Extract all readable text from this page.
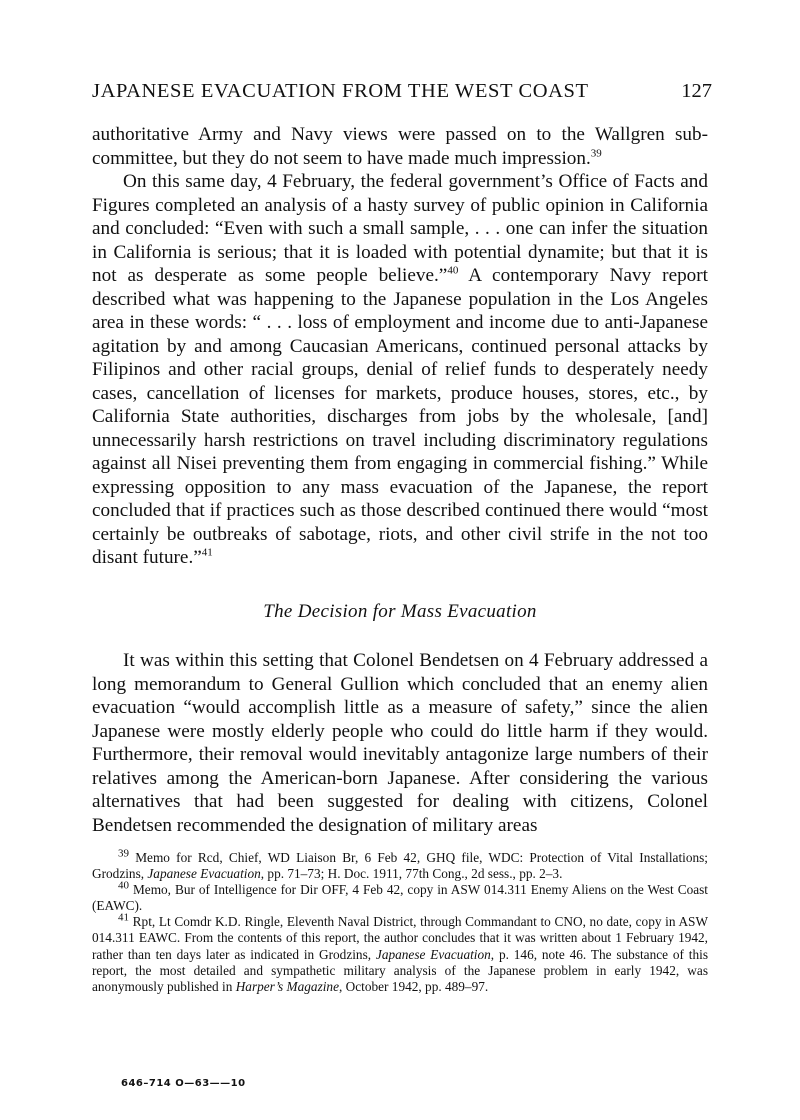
JAPANESE EVACUATION FROM THE WEST COAST	127

authoritative Army and Navy views were passed on to the Wallgren sub-committee, but they do not seem to have made much impression.$^{39}$

On this same day, 4 February, the federal government’s Office of Facts and Figures completed an analysis of a hasty survey of public opinion in California and concluded: “Even with such a small sample, . . . one can infer the situation in California is serious; that it is loaded with potential dynamite; but that it is not as desperate as some people believe.”$^{40}$ A contemporary Navy report described what was happening to the Japanese population in the Los Angeles area in these words: “ . . . loss of employment and income due to anti-Japanese agitation by and among Caucasian Americans, continued personal attacks by Filipinos and other racial groups, denial of relief funds to desperately needy cases, cancellation of licenses for markets, produce houses, stores, etc., by California State authorities, discharges from jobs by the wholesale, [and] unnecessarily harsh restrictions on travel including discriminatory regulations against all Nisei preventing them from engaging in commercial fishing.” While expressing opposition to any mass evacuation of the Japanese, the report concluded that if practices such as those described continued there would “most certainly be outbreaks of sabotage, riots, and other civil strife in the not too disant future.”$^{41}$

The Decision for Mass Evacuation

It was within this setting that Colonel Bendetsen on 4 February addressed a long memorandum to General Gullion which concluded that an enemy alien evacuation “would accomplish little as a measure of safety,” since the alien Japanese were mostly elderly people who could do little harm if they would. Furthermore, their removal would inevitably antagonize large numbers of their relatives among the American-born Japanese. After considering the various alternatives that had been suggested for dealing with citizens, Colonel Bendetsen recommended the designation of military areas

$^{39}$ Memo for Rcd, Chief, WD Liaison Br, 6 Feb 42, GHQ file, WDC: Protection of Vital Installations; Grodzins, Japanese Evacuation, pp. 71–73; H. Doc. 1911, 77th Cong., 2d sess., pp. 2–3.

$^{40}$ Memo, Bur of Intelligence for Dir OFF, 4 Feb 42, copy in ASW 014.311 Enemy Aliens on the West Coast (EAWC).

$^{41}$ Rpt, Lt Comdr K.D. Ringle, Eleventh Naval District, through Commandant to CNO, no date, copy in ASW 014.311 EAWC. From the contents of this report, the author concludes that it was written about 1 February 1942, rather than ten days later as indicated in Grodzins, Japanese Evacuation, p. 146, note 46. The substance of this report, the most detailed and sympathetic military analysis of the Japanese problem in early 1942, was anonymously published in Harper’s Magazine, October 1942, pp. 489–97.

646–714 O—63——10
